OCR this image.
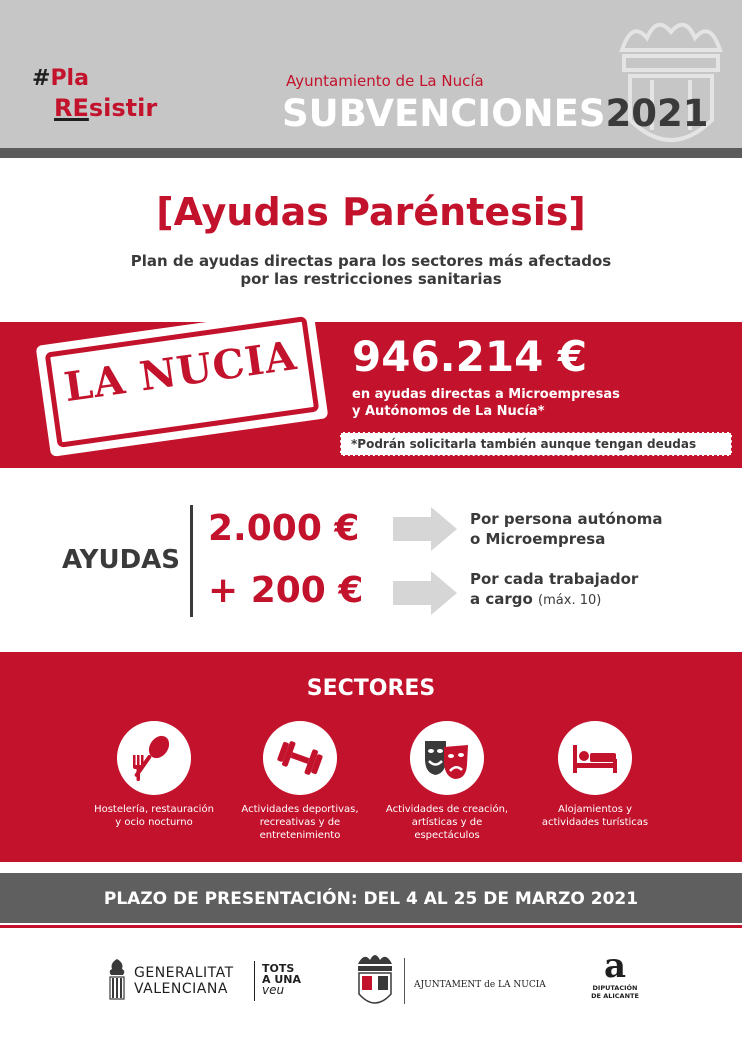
#Pla
REsistir
Ayuntamiento de La Nucía
SUBVENCIONES2021
[Ayudas Paréntesis]
Plan de ayudas directas para los sectores más afectados
por las restricciones sanitarias
LA NUCIA	946.214 €
en ayudas directas a Microempresas
y Autónomos de La Nucía*
*Podrán solicitarla también aunque tengan deudas
AYUDAS
2.000 €	Por persona autónoma
o Microempresa
+ 200 €	Por cada trabajador
a cargo (máx. 10)
SECTORES
Hostelería, restauración
y ocio nocturno
Actividades deportivas,
recreativas y de
entretenimiento
Actividades de creación,
artísticas y de
espectáculos
Alojamientos y
actividades turísticas
PLAZO DE PRESENTACIÓN: DEL 4 AL 25 DE MARZO 2021
GENERALITAT
VALENCIANA
TOTS
A UNA
veu	AJUNTAMENT de LA NUCIA	a
DIPUTACIÓN
DE ALICANTE
